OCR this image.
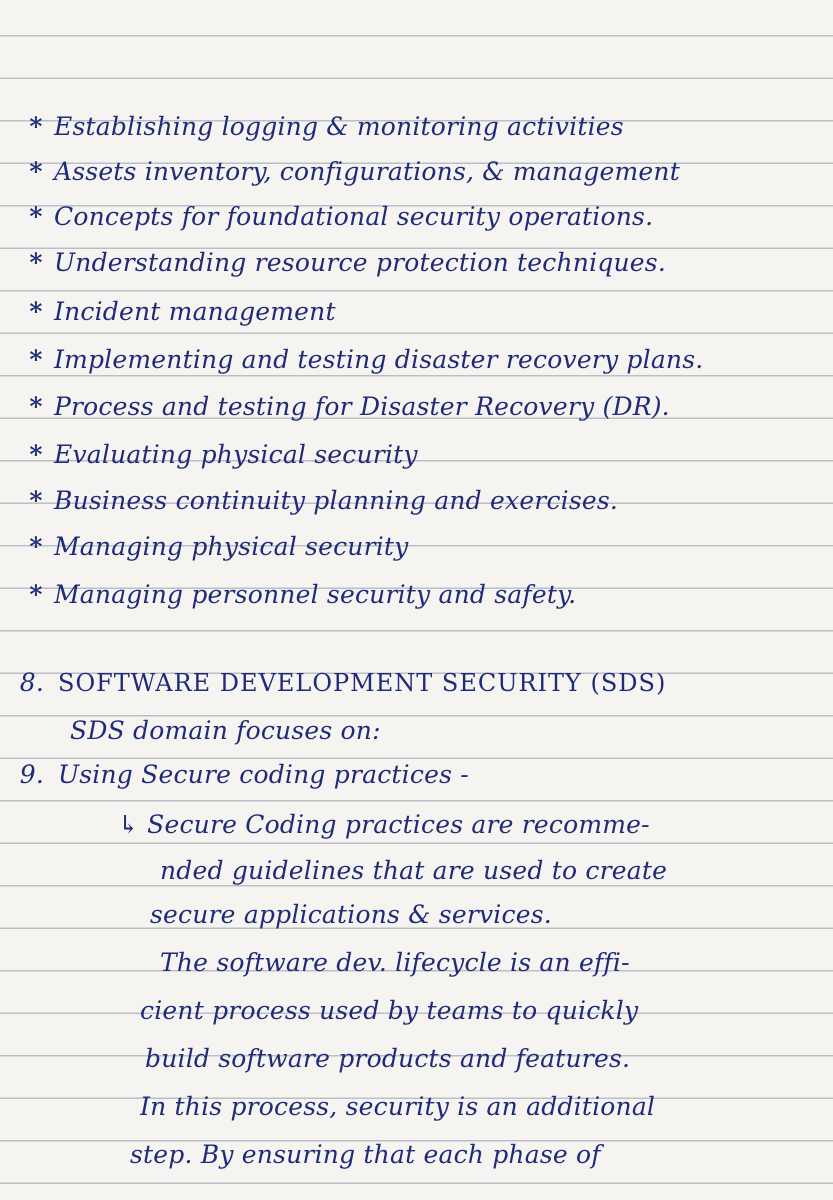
* Establishing logging & monitoring activities
* Assets inventory, configurations, & management
* Concepts for foundational security operations.
* Understanding resource protection techniques.
* Incident management
* Implementing and testing disaster recovery plans.
* Process and testing for Disaster Recovery (DR).
* Evaluating physical security
* Business continuity planning and exercises.
* Managing physical security
* Managing personnel security and safety.
8. SOFTWARE DEVELOPMENT SECURITY (SDS)
SDS domain focuses on:
9. Using Secure coding practices -
↳ Secure Coding practices are recomme-
nded guidelines that are used to create
secure applications & services.
The software dev. lifecycle is an effi-
cient process used by teams to quickly
build software products and features.
In this process, security is an additional
step. By ensuring that each phase of
